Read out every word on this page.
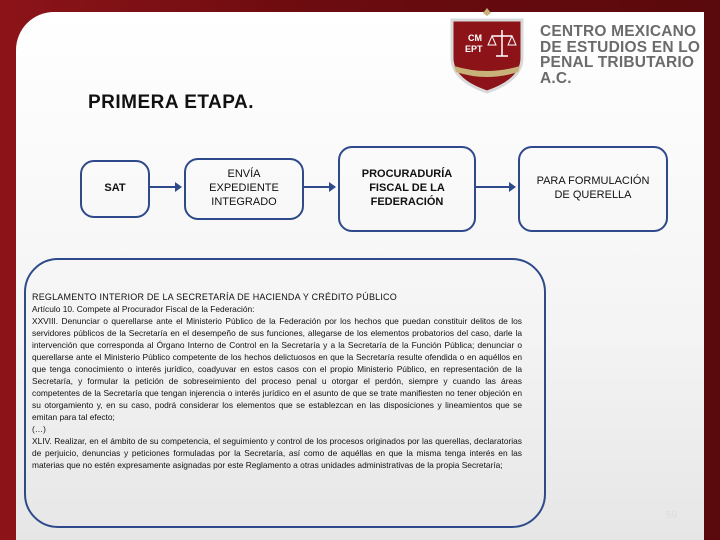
CM
EPT
CENTRO MEXICANO
DE ESTUDIOS EN LO
PENAL TRIBUTARIO A.C.
PRIMERA ETAPA.
SAT
ENVÍA EXPEDIENTE INTEGRADO
PROCURADURÍA FISCAL DE LA FEDERACIÓN
PARA FORMULACIÓN DE QUERELLA
REGLAMENTO INTERIOR DE LA SECRETARÍA DE HACIENDA Y CRÉDITO PÚBLICO
Artículo 10. Compete al Procurador Fiscal de la Federación:
XXVIII. Denunciar o querellarse ante el Ministerio Público de la Federación por los hechos que puedan constituir delitos de los servidores públicos de la Secretaría en el desempeño de sus funciones, allegarse de los elementos probatorios del caso, darle la intervención que corresponda al Órgano Interno de Control en la Secretaría y a la Secretaría de la Función Pública; denunciar o querellarse ante el Ministerio Público competente de los hechos delictuosos en que la Secretaría resulte ofendida o en aquéllos en que tenga conocimiento o interés jurídico, coadyuvar en estos casos con el propio Ministerio Público, en representación de la Secretaría, y formular la petición de sobreseimiento del proceso penal u otorgar el perdón, siempre y cuando las áreas competentes de la Secretaría que tengan injerencia o interés jurídico en el asunto de que se trate manifiesten no tener objeción en su otorgamiento y, en su caso, podrá considerar los elementos que se establezcan en las disposiciones y lineamientos que se emitan para tal efecto;
(…)
XLIV. Realizar, en el ámbito de su competencia, el seguimiento y control de los procesos originados por las querellas, declaratorias de perjuicio, denuncias y peticiones formuladas por la Secretaría, así como de aquéllas en que la misma tenga interés en las materias que no estén expresamente asignadas por este Reglamento a otras unidades administrativas de la propia Secretaría;
59
